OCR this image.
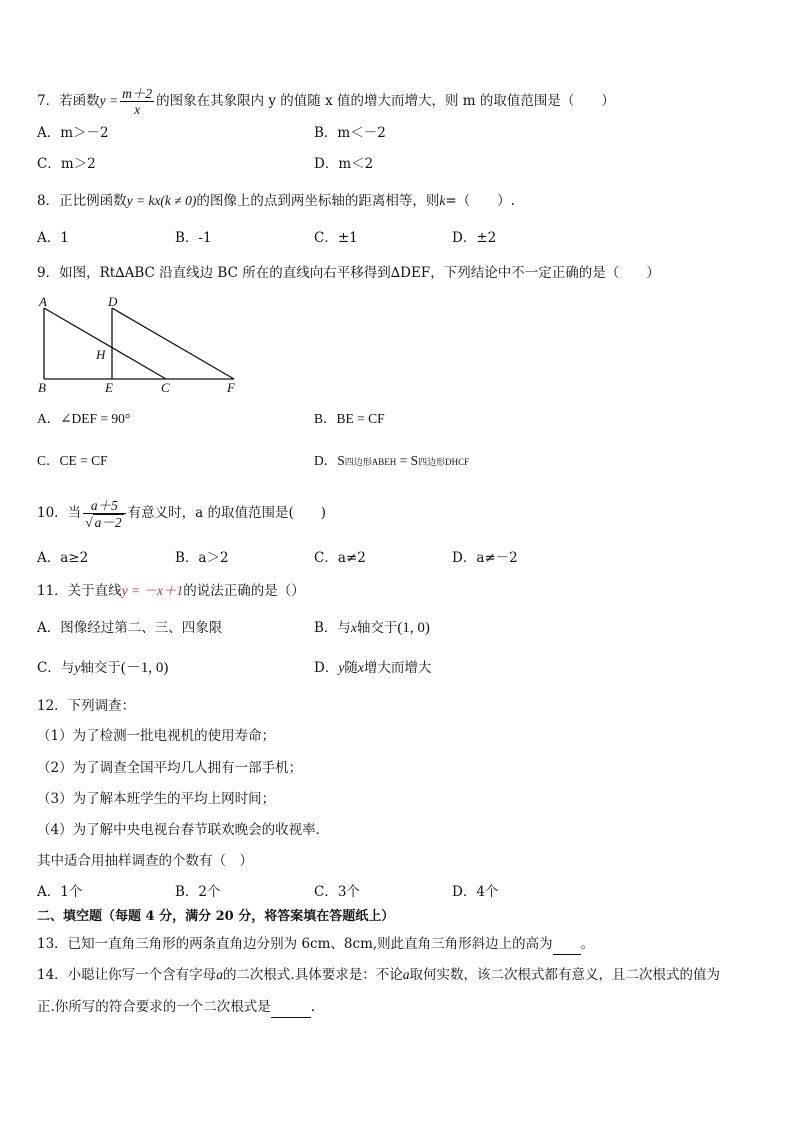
7．若函数$y = \frac{m+2}{x}$ 的图象在其象限内 y 的值随 x 值的增大而增大，则 m 的取值范围是（　　）
A．m＞－2	B．m＜－2
C．m＞2	D．m＜2
8．正比例函数y = kx(k ≠ 0)的图像上的点到两坐标轴的距离相等，则k=（　　）.
A．1	B．-1	C．±1	D．±2
9．如图，Rt∆ABC 沿直线边 BC 所在的直线向右平移得到∆DEF，下列结论中不一定正确的是（　　）
A	D
H
B	E	C	F
A．∠DEF = 90°	B．BE = CF
C．CE = CF	D．S四边形ABEH = S四边形DHCF
10．当 $\frac{a+5}{√ a-2}$ 有意义时，a 的取值范围是(　　)
A．a≥2	B．a＞2	C．a≠2	D．a≠－2
11．关于直线y = －x＋1的说法正确的是（）
A．图像经过第二、三、四象限	B．与x轴交于(1, 0)
C．与y轴交于(－1, 0)	D．y随x增大而增大
12．下列调查：
（1）为了检测一批电视机的使用寿命；
（2）为了调查全国平均几人拥有一部手机；
（3）为了解本班学生的平均上网时间；
（4）为了解中央电视台春节联欢晚会的收视率．
其中适合用抽样调查的个数有（　）
A．1个	B．2个	C．3个	D．4个
二、填空题（每题 4 分，满分 20 分，将答案填在答题纸上）
13．已知一直角三角形的两条直角边分别为 6cm、8cm,则此直角三角形斜边上的高为 。
14．小聪让你写一个含有字母a的二次根式.具体要求是：不论a取何实数，该二次根式都有意义，且二次根式的值为
正.你所写的符合要求的一个二次根式是	.
